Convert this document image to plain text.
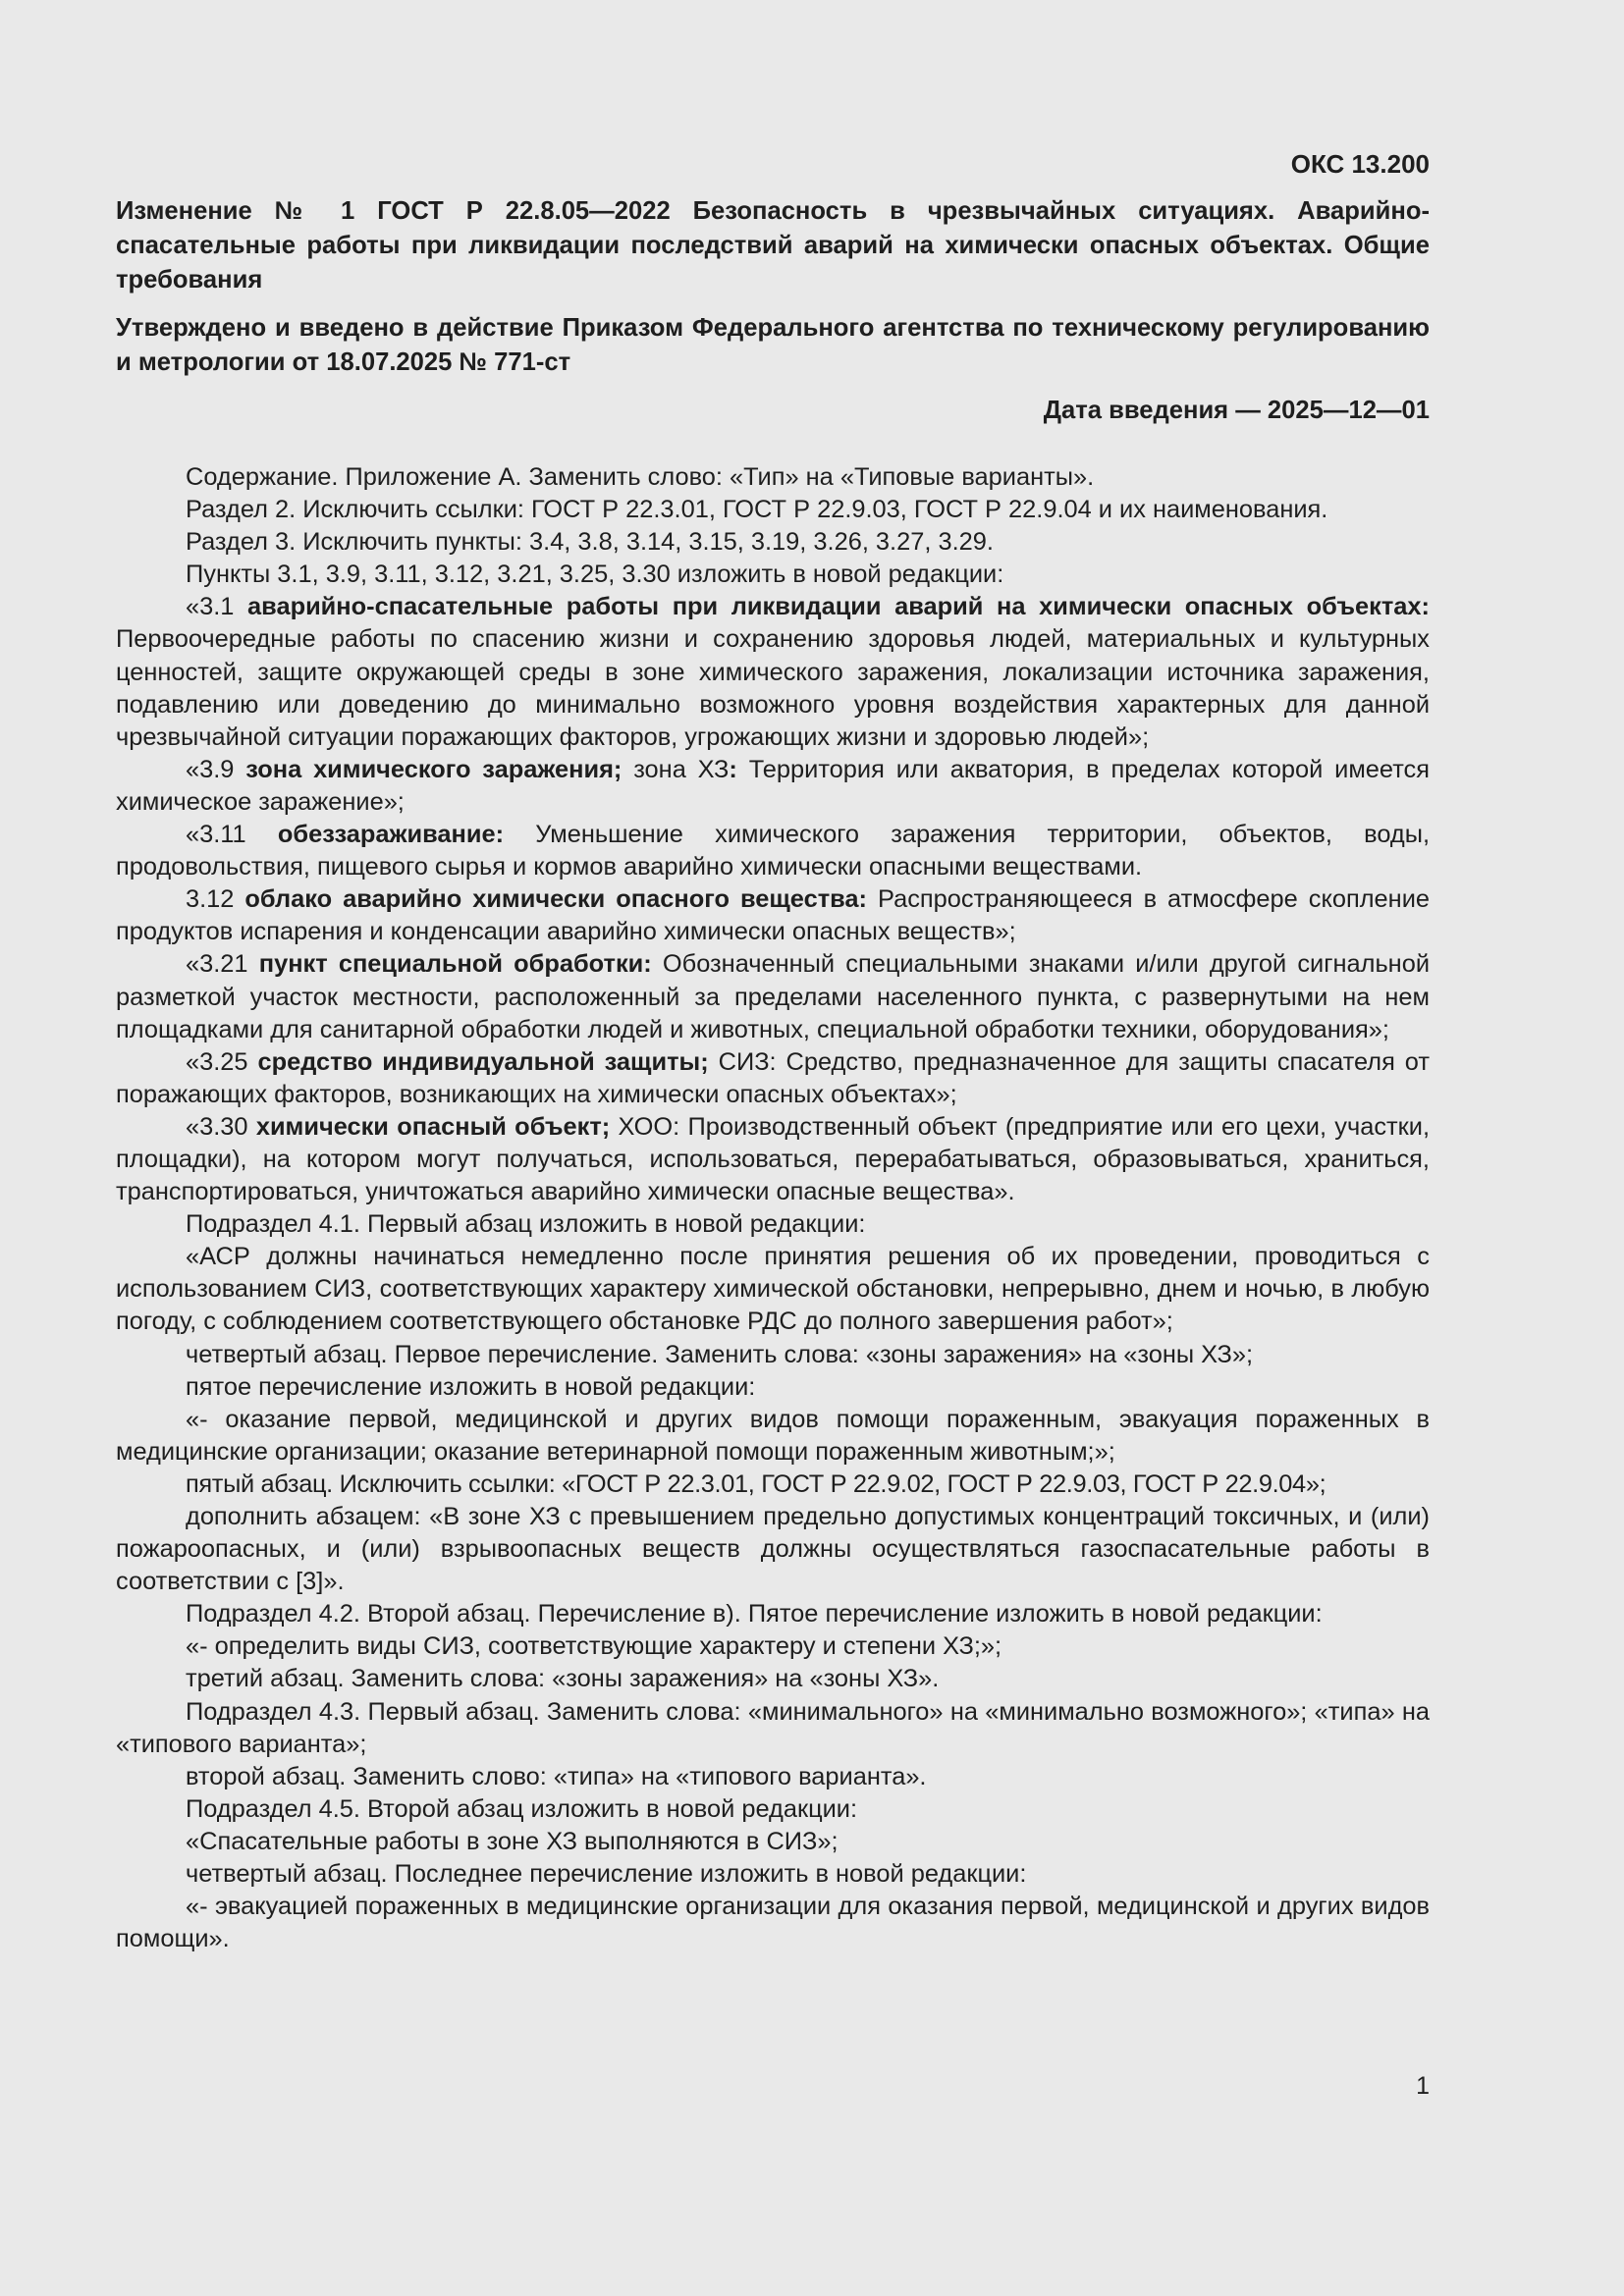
ОКС 13.200
Изменение № 1 ГОСТ Р 22.8.05—2022 Безопасность в чрезвычайных ситуациях. Аварийно-спасательные работы при ликвидации последствий аварий на химически опасных объектах. Общие требования
Утверждено и введено в действие Приказом Федерального агентства по техническому регулированию и метрологии от 18.07.2025 № 771-ст
Дата введения — 2025—12—01

Содержание. Приложение А. Заменить слово: «Тип» на «Типовые варианты».

Раздел 2. Исключить ссылки: ГОСТ Р 22.3.01, ГОСТ Р 22.9.03, ГОСТ Р 22.9.04 и их наименования.

Раздел 3. Исключить пункты: 3.4, 3.8, 3.14, 3.15, 3.19, 3.26, 3.27, 3.29.

Пункты 3.1, 3.9, 3.11, 3.12, 3.21, 3.25, 3.30 изложить в новой редакции:

«3.1 аварийно-спасательные работы при ликвидации аварий на химически опасных объектах: Первоочередные работы по спасению жизни и сохранению здоровья людей, материальных и культурных ценностей, защите окружающей среды в зоне химического заражения, локализации источника заражения, подавлению или доведению до минимально возможного уровня воздействия характерных для данной чрезвычайной ситуации поражающих факторов, угрожающих жизни и здоровью людей»;

«3.9 зона химического заражения; зона ХЗ: Территория или акватория, в пределах которой имеется химическое заражение»;

«3.11 обеззараживание: Уменьшение химического заражения территории, объектов, воды, продовольствия, пищевого сырья и кормов аварийно химически опасными веществами.

3.12 облако аварийно химически опасного вещества: Распространяющееся в атмосфере скопление продуктов испарения и конденсации аварийно химически опасных веществ»;

«3.21 пункт специальной обработки: Обозначенный специальными знаками и/или другой сигнальной разметкой участок местности, расположенный за пределами населенного пункта, с развернутыми на нем площадками для санитарной обработки людей и животных, специальной обработки техники, оборудования»;

«3.25 средство индивидуальной защиты; СИЗ: Средство, предназначенное для защиты спасателя от поражающих факторов, возникающих на химически опасных объектах»;

«3.30 химически опасный объект; ХОО: Производственный объект (предприятие или его цехи, участки, площадки), на котором могут получаться, использоваться, перерабатываться, образовываться, храниться, транспортироваться, уничтожаться аварийно химически опасные вещества».

Подраздел 4.1. Первый абзац изложить в новой редакции:

«АСР должны начинаться немедленно после принятия решения об их проведении, проводиться с использованием СИЗ, соответствующих характеру химической обстановки, непрерывно, днем и ночью, в любую погоду, с соблюдением соответствующего обстановке РДС до полного завершения работ»;

четвертый абзац. Первое перечисление. Заменить слова: «зоны заражения» на «зоны ХЗ»;

пятое перечисление изложить в новой редакции:

«- оказание первой, медицинской и других видов помощи пораженным, эвакуация пораженных в медицинские организации; оказание ветеринарной помощи пораженным животным;»;

пятый абзац. Исключить ссылки: «ГОСТ Р 22.3.01, ГОСТ Р 22.9.02, ГОСТ Р 22.9.03, ГОСТ Р 22.9.04»;

дополнить абзацем: «В зоне ХЗ с превышением предельно допустимых концентраций токсичных, и (или) пожароопасных, и (или) взрывоопасных веществ должны осуществляться газоспасательные работы в соответствии с [3]».

Подраздел 4.2. Второй абзац. Перечисление в). Пятое перечисление изложить в новой редакции:

«- определить виды СИЗ, соответствующие характеру и степени ХЗ;»;

третий абзац. Заменить слова: «зоны заражения» на «зоны ХЗ».

Подраздел 4.3. Первый абзац. Заменить слова: «минимального» на «минимально возможного»; «типа» на «типового варианта»;

второй абзац. Заменить слово: «типа» на «типового варианта».

Подраздел 4.5. Второй абзац изложить в новой редакции:

«Спасательные работы в зоне ХЗ выполняются в СИЗ»;

четвертый абзац. Последнее перечисление изложить в новой редакции:

«- эвакуацией пораженных в медицинские организации для оказания первой, медицинской и других видов помощи».

1
